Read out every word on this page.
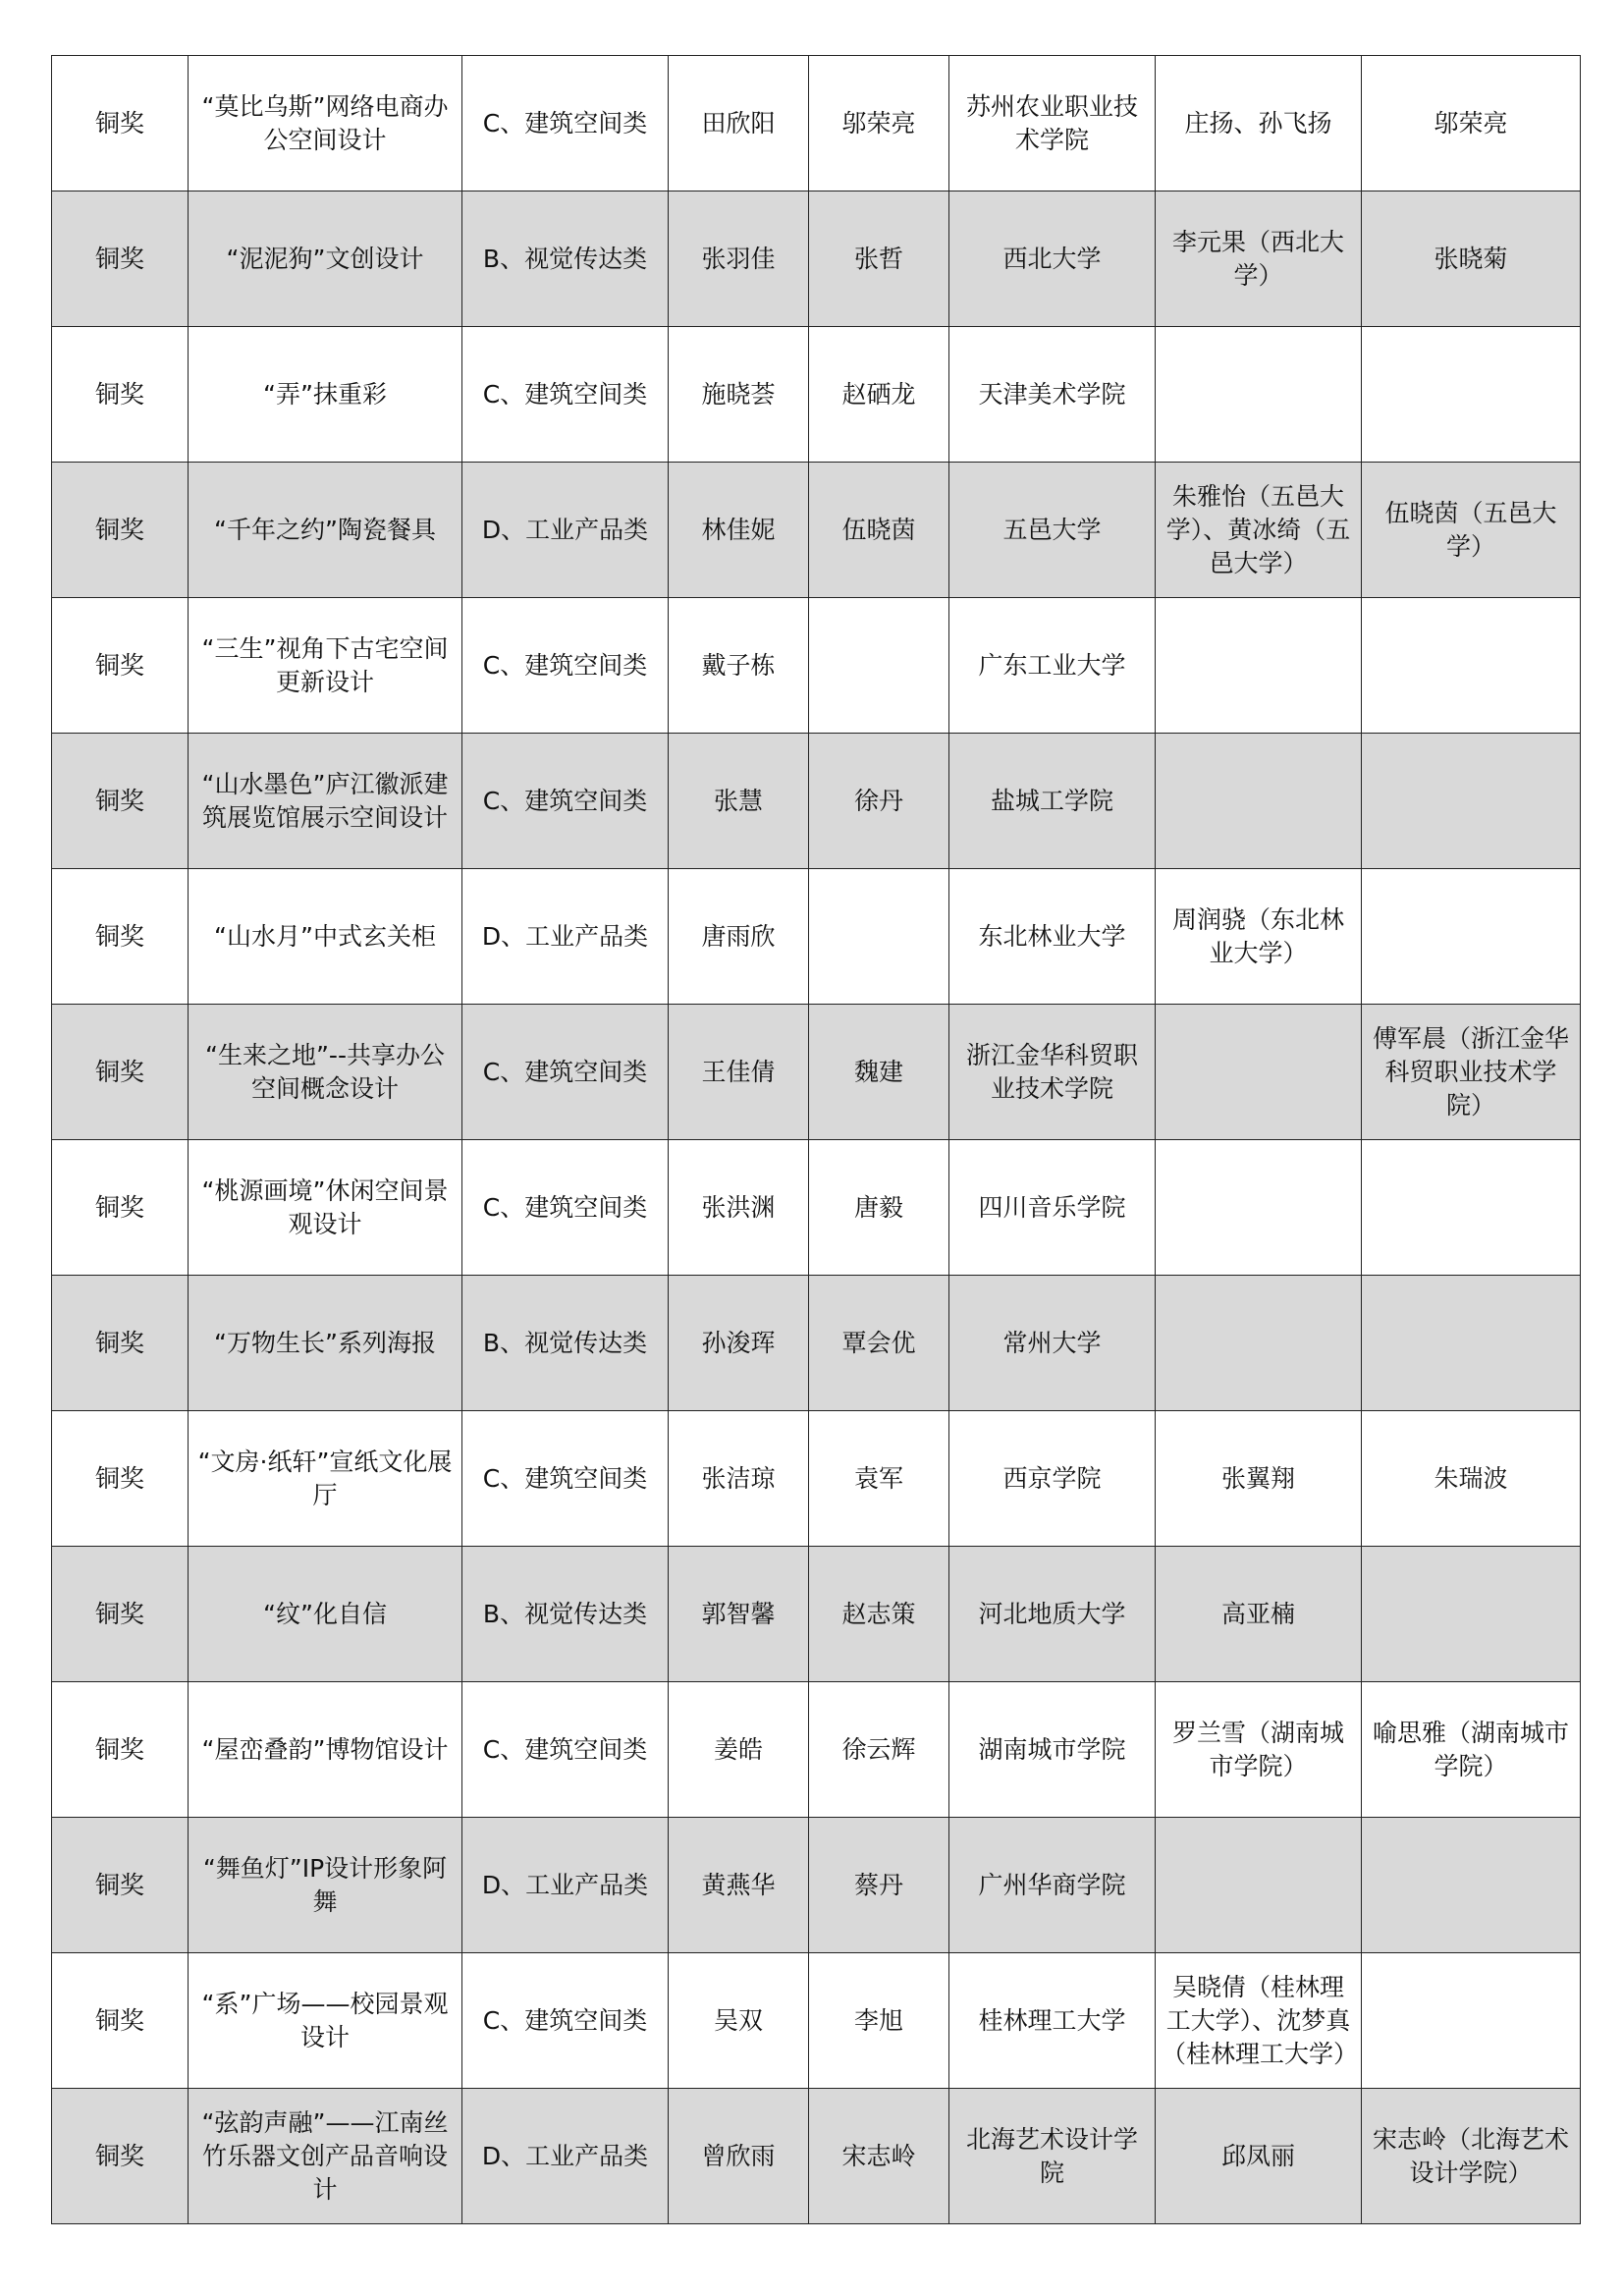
铜奖	“莫比乌斯”网络电商办公空间设计	C、建筑空间类	田欣阳	邬荣亮	苏州农业职业技术学院	庄扬、孙飞扬	邬荣亮
铜奖	“泥泥狗”文创设计	B、视觉传达类	张羽佳	张哲	西北大学	李元果（西北大学）	张晓菊
铜奖	“弄”抹重彩	C、建筑空间类	施晓荟	赵硒龙	天津美术学院		
铜奖	“千年之约”陶瓷餐具	D、工业产品类	林佳妮	伍晓茵	五邑大学	朱雅怡（五邑大学）、黄冰绮（五邑大学）	伍晓茵（五邑大学）
铜奖	“三生”视角下古宅空间更新设计	C、建筑空间类	戴子栋		广东工业大学		
铜奖	“山水墨色”庐江徽派建筑展览馆展示空间设计	C、建筑空间类	张慧	徐丹	盐城工学院		
铜奖	“山水月”中式玄关柜	D、工业产品类	唐雨欣		东北林业大学	周润骁（东北林业大学）	
铜奖	“生来之地”--共享办公空间概念设计	C、建筑空间类	王佳倩	魏建	浙江金华科贸职业技术学院		傅军晨（浙江金华科贸职业技术学院）
铜奖	“桃源画境”休闲空间景观设计	C、建筑空间类	张洪渊	唐毅	四川音乐学院		
铜奖	“万物生长”系列海报	B、视觉传达类	孙浚珲	覃会优	常州大学		
铜奖	“文房·纸轩”宣纸文化展厅	C、建筑空间类	张洁琼	袁军	西京学院	张翼翔	朱瑞波
铜奖	“纹”化自信	B、视觉传达类	郭智馨	赵志策	河北地质大学	高亚楠	
铜奖	“屋峦叠韵”博物馆设计	C、建筑空间类	姜皓	徐云辉	湖南城市学院	罗兰雪（湖南城市学院）	喻思雅（湖南城市学院）
铜奖	“舞鱼灯”IP设计形象阿舞	D、工业产品类	黄燕华	蔡丹	广州华商学院		
铜奖	“系”广场——校园景观设计	C、建筑空间类	吴双	李旭	桂林理工大学	吴晓倩（桂林理工大学）、沈梦真（桂林理工大学）	
铜奖	“弦韵声融”——江南丝竹乐器文创产品音响设计	D、工业产品类	曾欣雨	宋志岭	北海艺术设计学院	邱凤丽	宋志岭（北海艺术设计学院）
